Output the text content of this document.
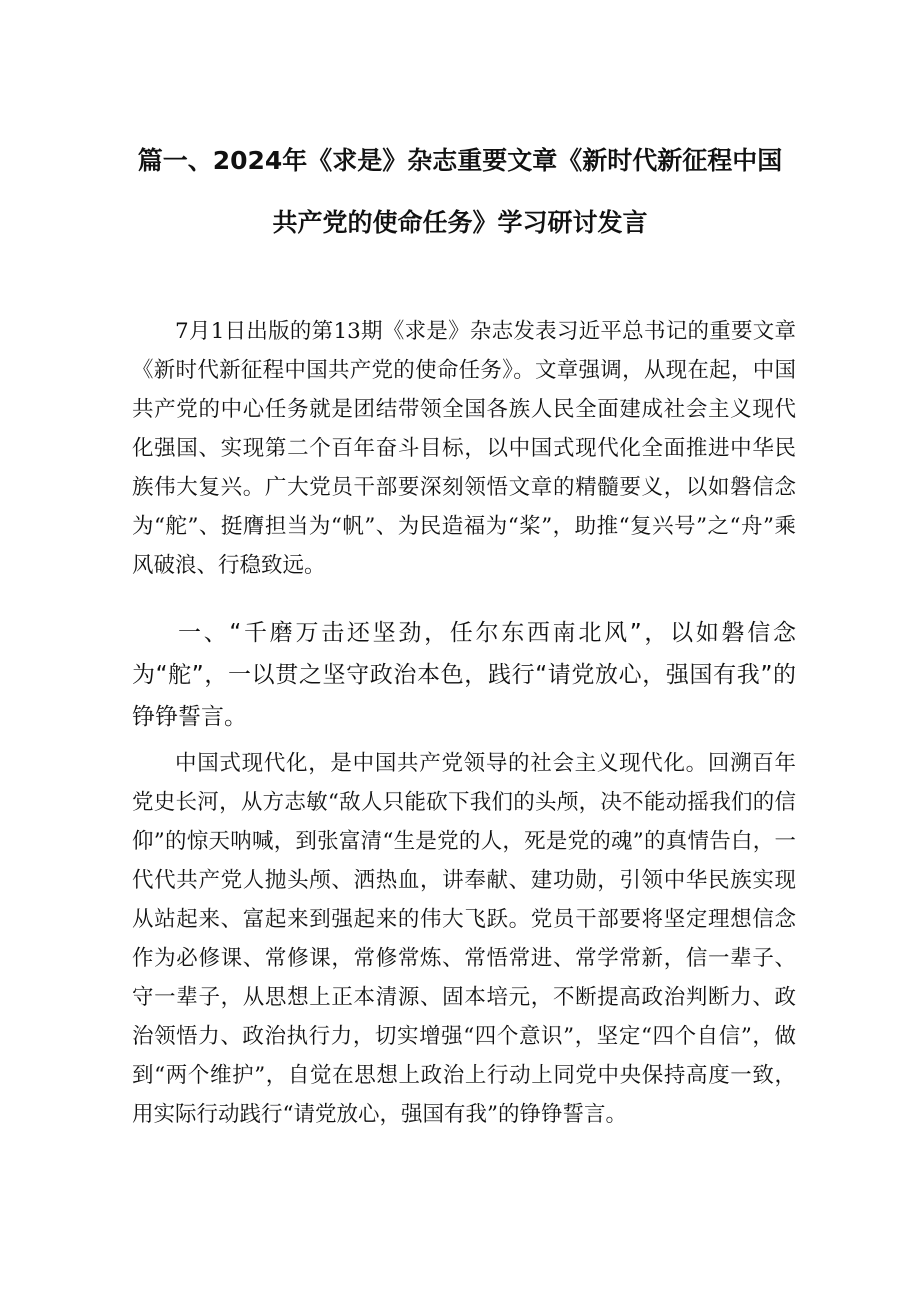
篇一、2024年《求是》杂志重要文章《新时代新征程中国
共产党的使命任务》学习研讨发言

7月1日出版的第13期《求是》杂志发表习近平总书记的重要文章《新时代新征程中国共产党的使命任务》。文章强调，从现在起，中国共产党的中心任务就是团结带领全国各族人民全面建成社会主义现代化强国、实现第二个百年奋斗目标，以中国式现代化全面推进中华民族伟大复兴。广大党员干部要深刻领悟文章的精髓要义，以如磐信念为“舵”、挺膺担当为“帆”、为民造福为“桨”，助推“复兴号”之“舟”乘风破浪、行稳致远。

一、“千磨万击还坚劲，任尔东西南北风”，以如磐信念为“舵”，一以贯之坚守政治本色，践行“请党放心，强国有我”的铮铮誓言。

中国式现代化，是中国共产党领导的社会主义现代化。回溯百年党史长河，从方志敏“敌人只能砍下我们的头颅，决不能动摇我们的信仰”的惊天呐喊，到张富清“生是党的人，死是党的魂”的真情告白，一代代共产党人抛头颅、洒热血，讲奉献、建功勋，引领中华民族实现从站起来、富起来到强起来的伟大飞跃。党员干部要将坚定理想信念作为必修课、常修课，常修常炼、常悟常进、常学常新，信一辈子、守一辈子，从思想上正本清源、固本培元，不断提高政治判断力、政治领悟力、政治执行力，切实增强“四个意识”，坚定“四个自信”，做到“两个维护”，自觉在思想上政治上行动上同党中央保持高度一致，用实际行动践行“请党放心，强国有我”的铮铮誓言。
